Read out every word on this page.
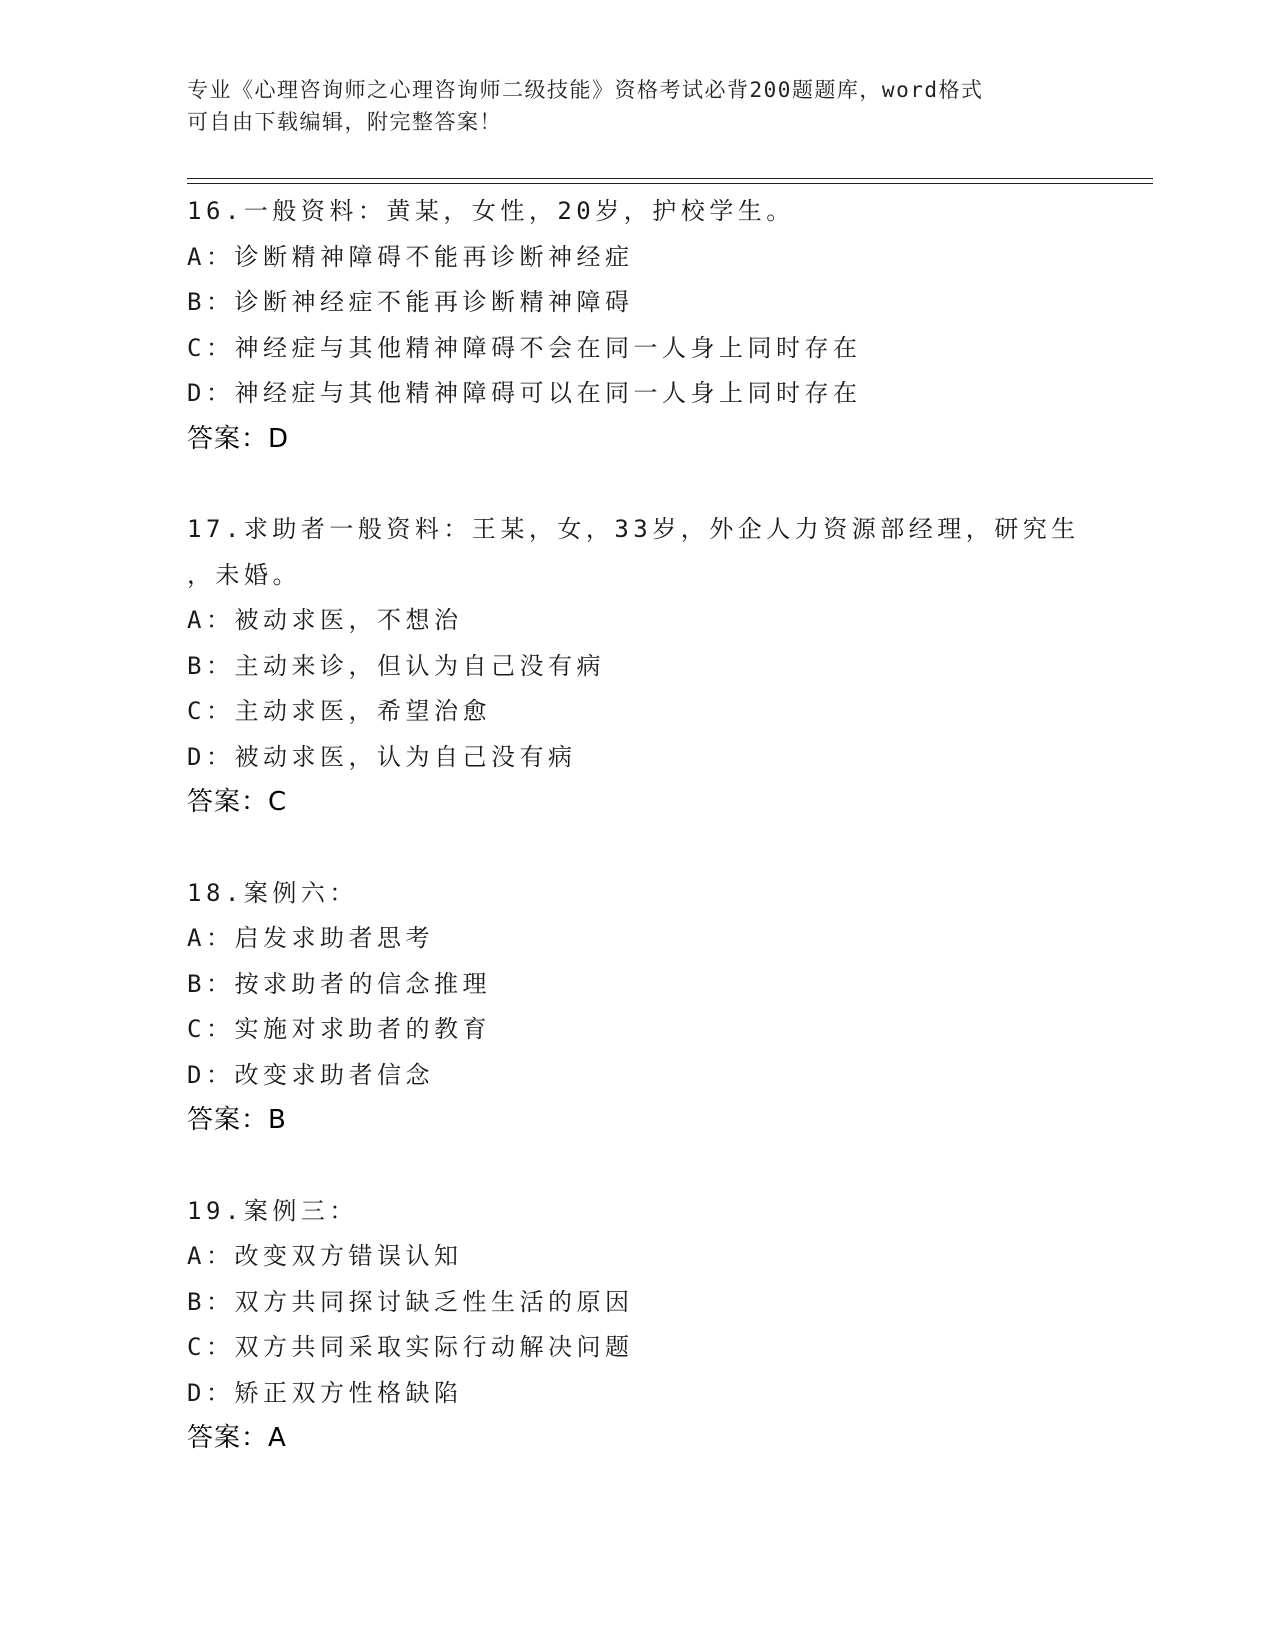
专业《心理咨询师之心理咨询师二级技能》资格考试必背200题题库，word格式
可自由下载编辑，附完整答案！
16.一般资料：黄某，女性，20岁，护校学生。
A：诊断精神障碍不能再诊断神经症
B：诊断神经症不能再诊断精神障碍
C：神经症与其他精神障碍不会在同一人身上同时存在
D：神经症与其他精神障碍可以在同一人身上同时存在
答案：D
17.求助者一般资料：王某，女，33岁，外企人力资源部经理，研究生
，未婚。
A：被动求医，不想治
B：主动来诊，但认为自己没有病
C：主动求医，希望治愈
D：被动求医，认为自己没有病
答案：C
18.案例六：
A：启发求助者思考
B：按求助者的信念推理
C：实施对求助者的教育
D：改变求助者信念
答案：B
19.案例三：
A：改变双方错误认知
B：双方共同探讨缺乏性生活的原因
C：双方共同采取实际行动解决问题
D：矫正双方性格缺陷
答案：A
